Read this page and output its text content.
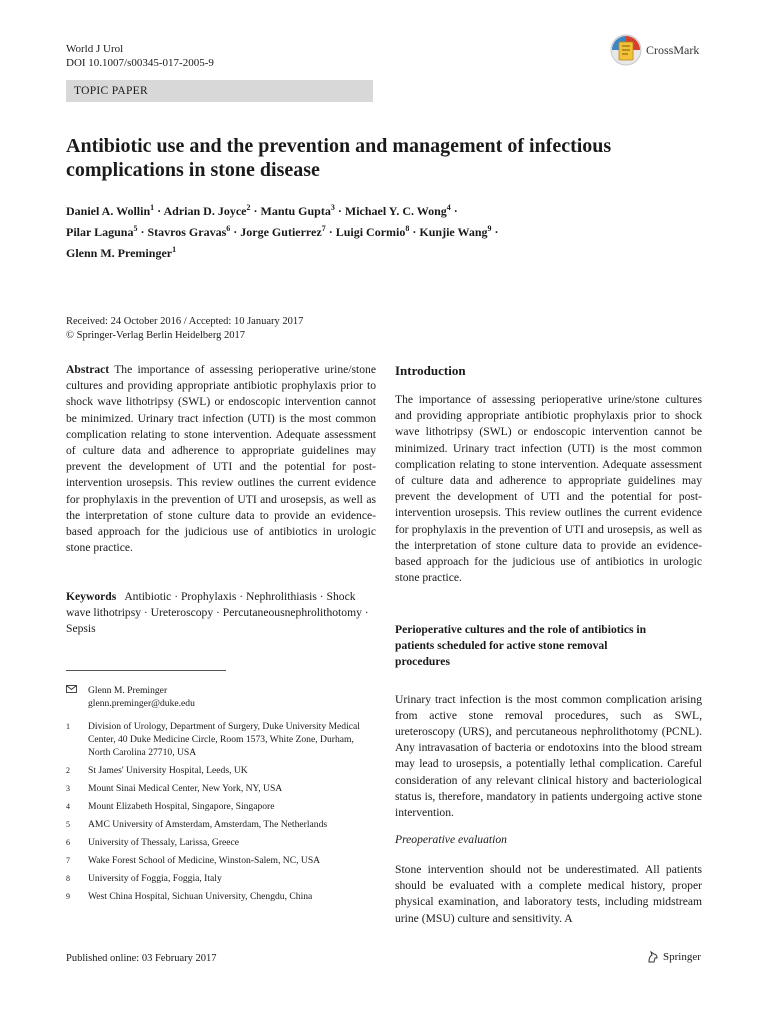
World J Urol
DOI 10.1007/s00345-017-2005-9
TOPIC PAPER
CrossMark
Antibiotic use and the prevention and management of infectious complications in stone disease
Daniel A. Wollin$^1$ · Adrian D. Joyce$^2$ · Mantu Gupta$^3$ · Michael Y. C. Wong$^4$ ·
Pilar Laguna$^5$ · Stavros Gravas$^6$ · Jorge Gutierrez$^7$ · Luigi Cormio$^8$ · Kunjie Wang$^9$ ·
Glenn M. Preminger$^1$
Received: 24 October 2016 / Accepted: 10 January 2017
© Springer-Verlag Berlin Heidelberg 2017

Abstract The importance of assessing perioperative urine/stone cultures and providing appropriate antibiotic prophylaxis prior to shock wave lithotripsy (SWL) or endoscopic intervention cannot be minimized. Urinary tract infection (UTI) is the most common complication relating to stone intervention. Adequate assessment of culture data and adherence to appropriate guidelines may prevent the development of UTI and the potential for post-intervention urosepsis. This review outlines the current evidence for prophylaxis in the prevention of UTI and urosepsis, as well as the interpretation of stone culture data to provide an evidence-based approach for the judicious use of antibiotics in urologic stone practice.

Keywords Antibiotic · Prophylaxis · Nephrolithiasis · Shock wave lithotripsy · Ureteroscopy · Percutaneousnephrolithotomy · Sepsis

Glenn M. Preminger
glenn.preminger@duke.edu
1	Division of Urology, Department of Surgery, Duke University Medical Center, 40 Duke Medicine Circle, Room 1573, White Zone, Durham, North Carolina 27710, USA
2	St James' University Hospital, Leeds, UK
3	Mount Sinai Medical Center, New York, NY, USA
4	Mount Elizabeth Hospital, Singapore, Singapore
5	AMC University of Amsterdam, Amsterdam, The Netherlands
6	University of Thessaly, Larissa, Greece
7	Wake Forest School of Medicine, Winston-Salem, NC, USA
8	University of Foggia, Foggia, Italy
9	West China Hospital, Sichuan University, Chengdu, China
Introduction

The importance of assessing perioperative urine/stone cultures and providing appropriate antibiotic prophylaxis prior to shock wave lithotripsy (SWL) or endoscopic intervention cannot be minimized. Urinary tract infection (UTI) is the most common complication relating to stone intervention. Adequate assessment of culture data and adherence to appropriate guidelines may prevent the development of UTI and the potential for post-intervention urosepsis. This review outlines the current evidence for prophylaxis in the prevention of UTI and urosepsis, as well as the interpretation of stone culture data to provide an evidence-based approach for the judicious use of antibiotics in urologic stone practice.

Perioperative cultures and the role of antibiotics in patients scheduled for active stone removal procedures

Urinary tract infection is the most common complication arising from active stone removal procedures, such as SWL, ureteroscopy (URS), and percutaneous nephrolithotomy (PCNL). Any intravasation of bacteria or endotoxins into the blood stream may lead to urosepsis, a potentially lethal complication. Careful consideration of any relevant clinical history and bacteriological status is, therefore, mandatory in patients undergoing active stone intervention.

Preoperative evaluation

Stone intervention should not be underestimated. All patients should be evaluated with a complete medical history, proper physical examination, and laboratory tests, including midstream urine (MSU) culture and sensitivity. A

Published online: 03 February 2017	Springer
